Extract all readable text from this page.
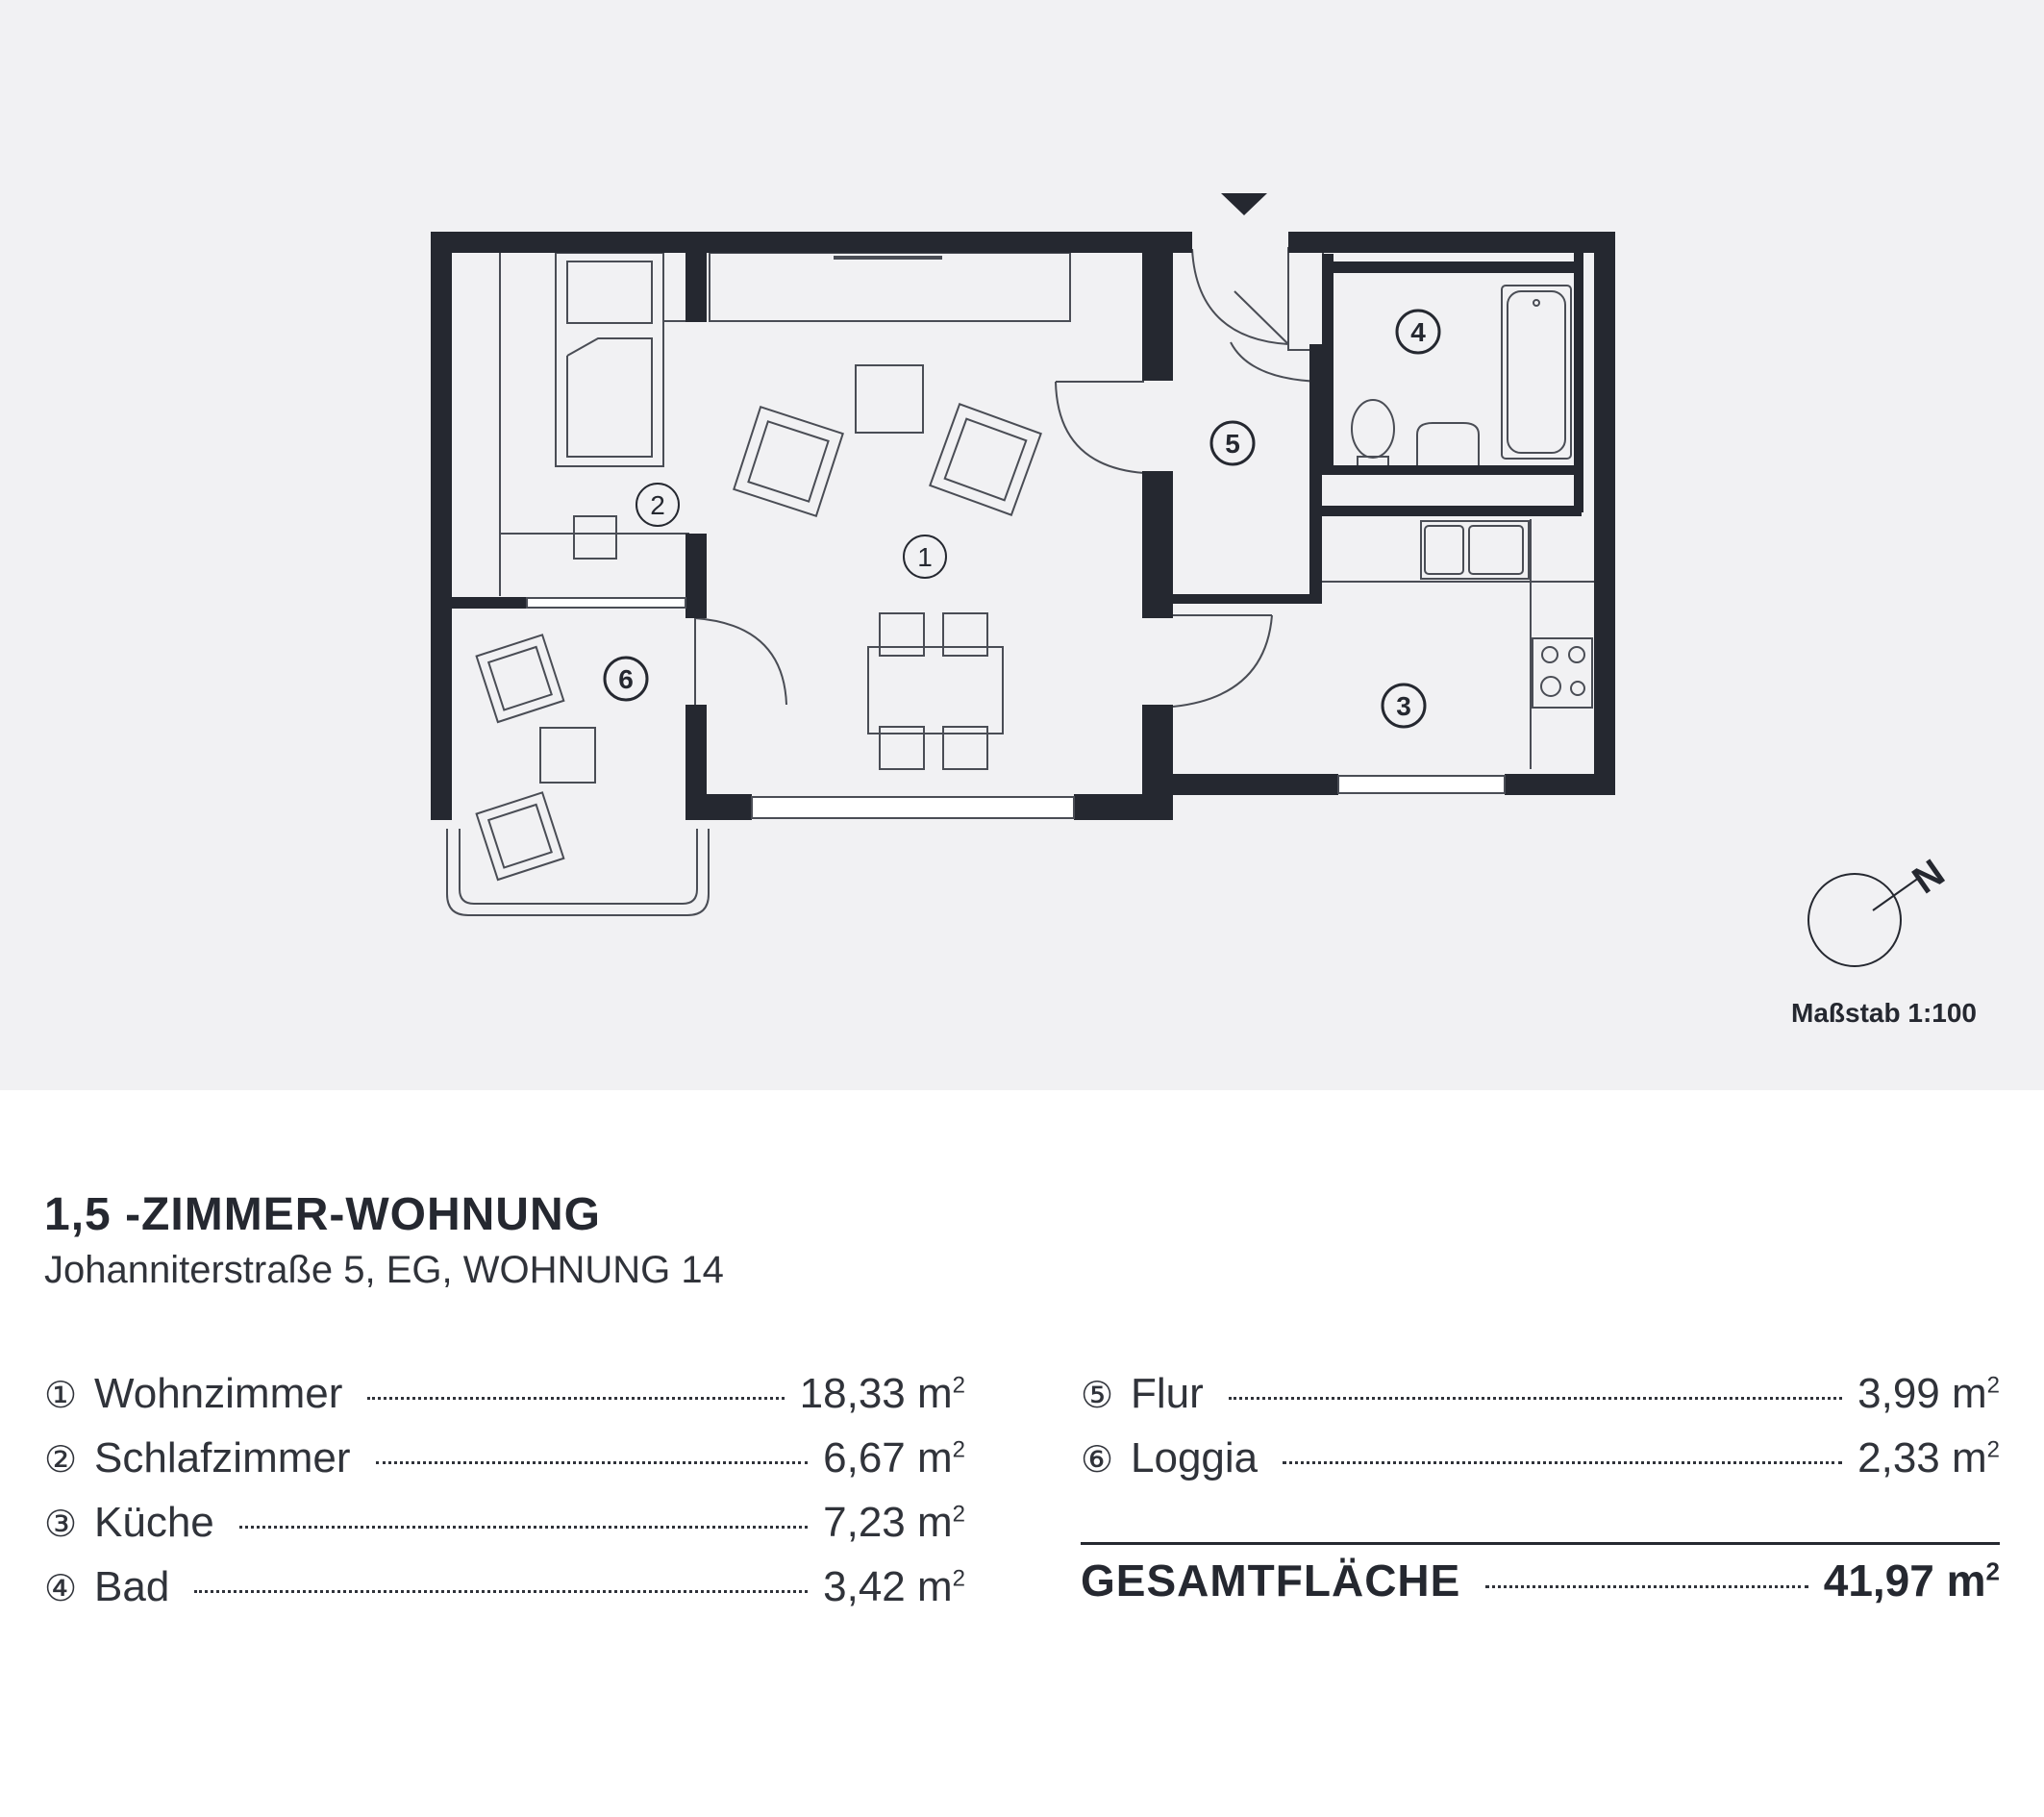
1
2
3
4
5
6
N
Maßstab 1:100
1,5 -ZIMMER-WOHNUNG

Johanniterstraße 5, EG, WOHNUNG 14

① Wohnzimmer	18,33 $m^2$
② Schlafzimmer	6,67 $m^2$
③ Küche	7,23 $m^2$
④ Bad	3,42 $m^2$
⑤ Flur	3,99 $m^2$
⑥ Loggia	2,33 $m^2$
GESAMTFLÄCHE	41,97 $m^2$
